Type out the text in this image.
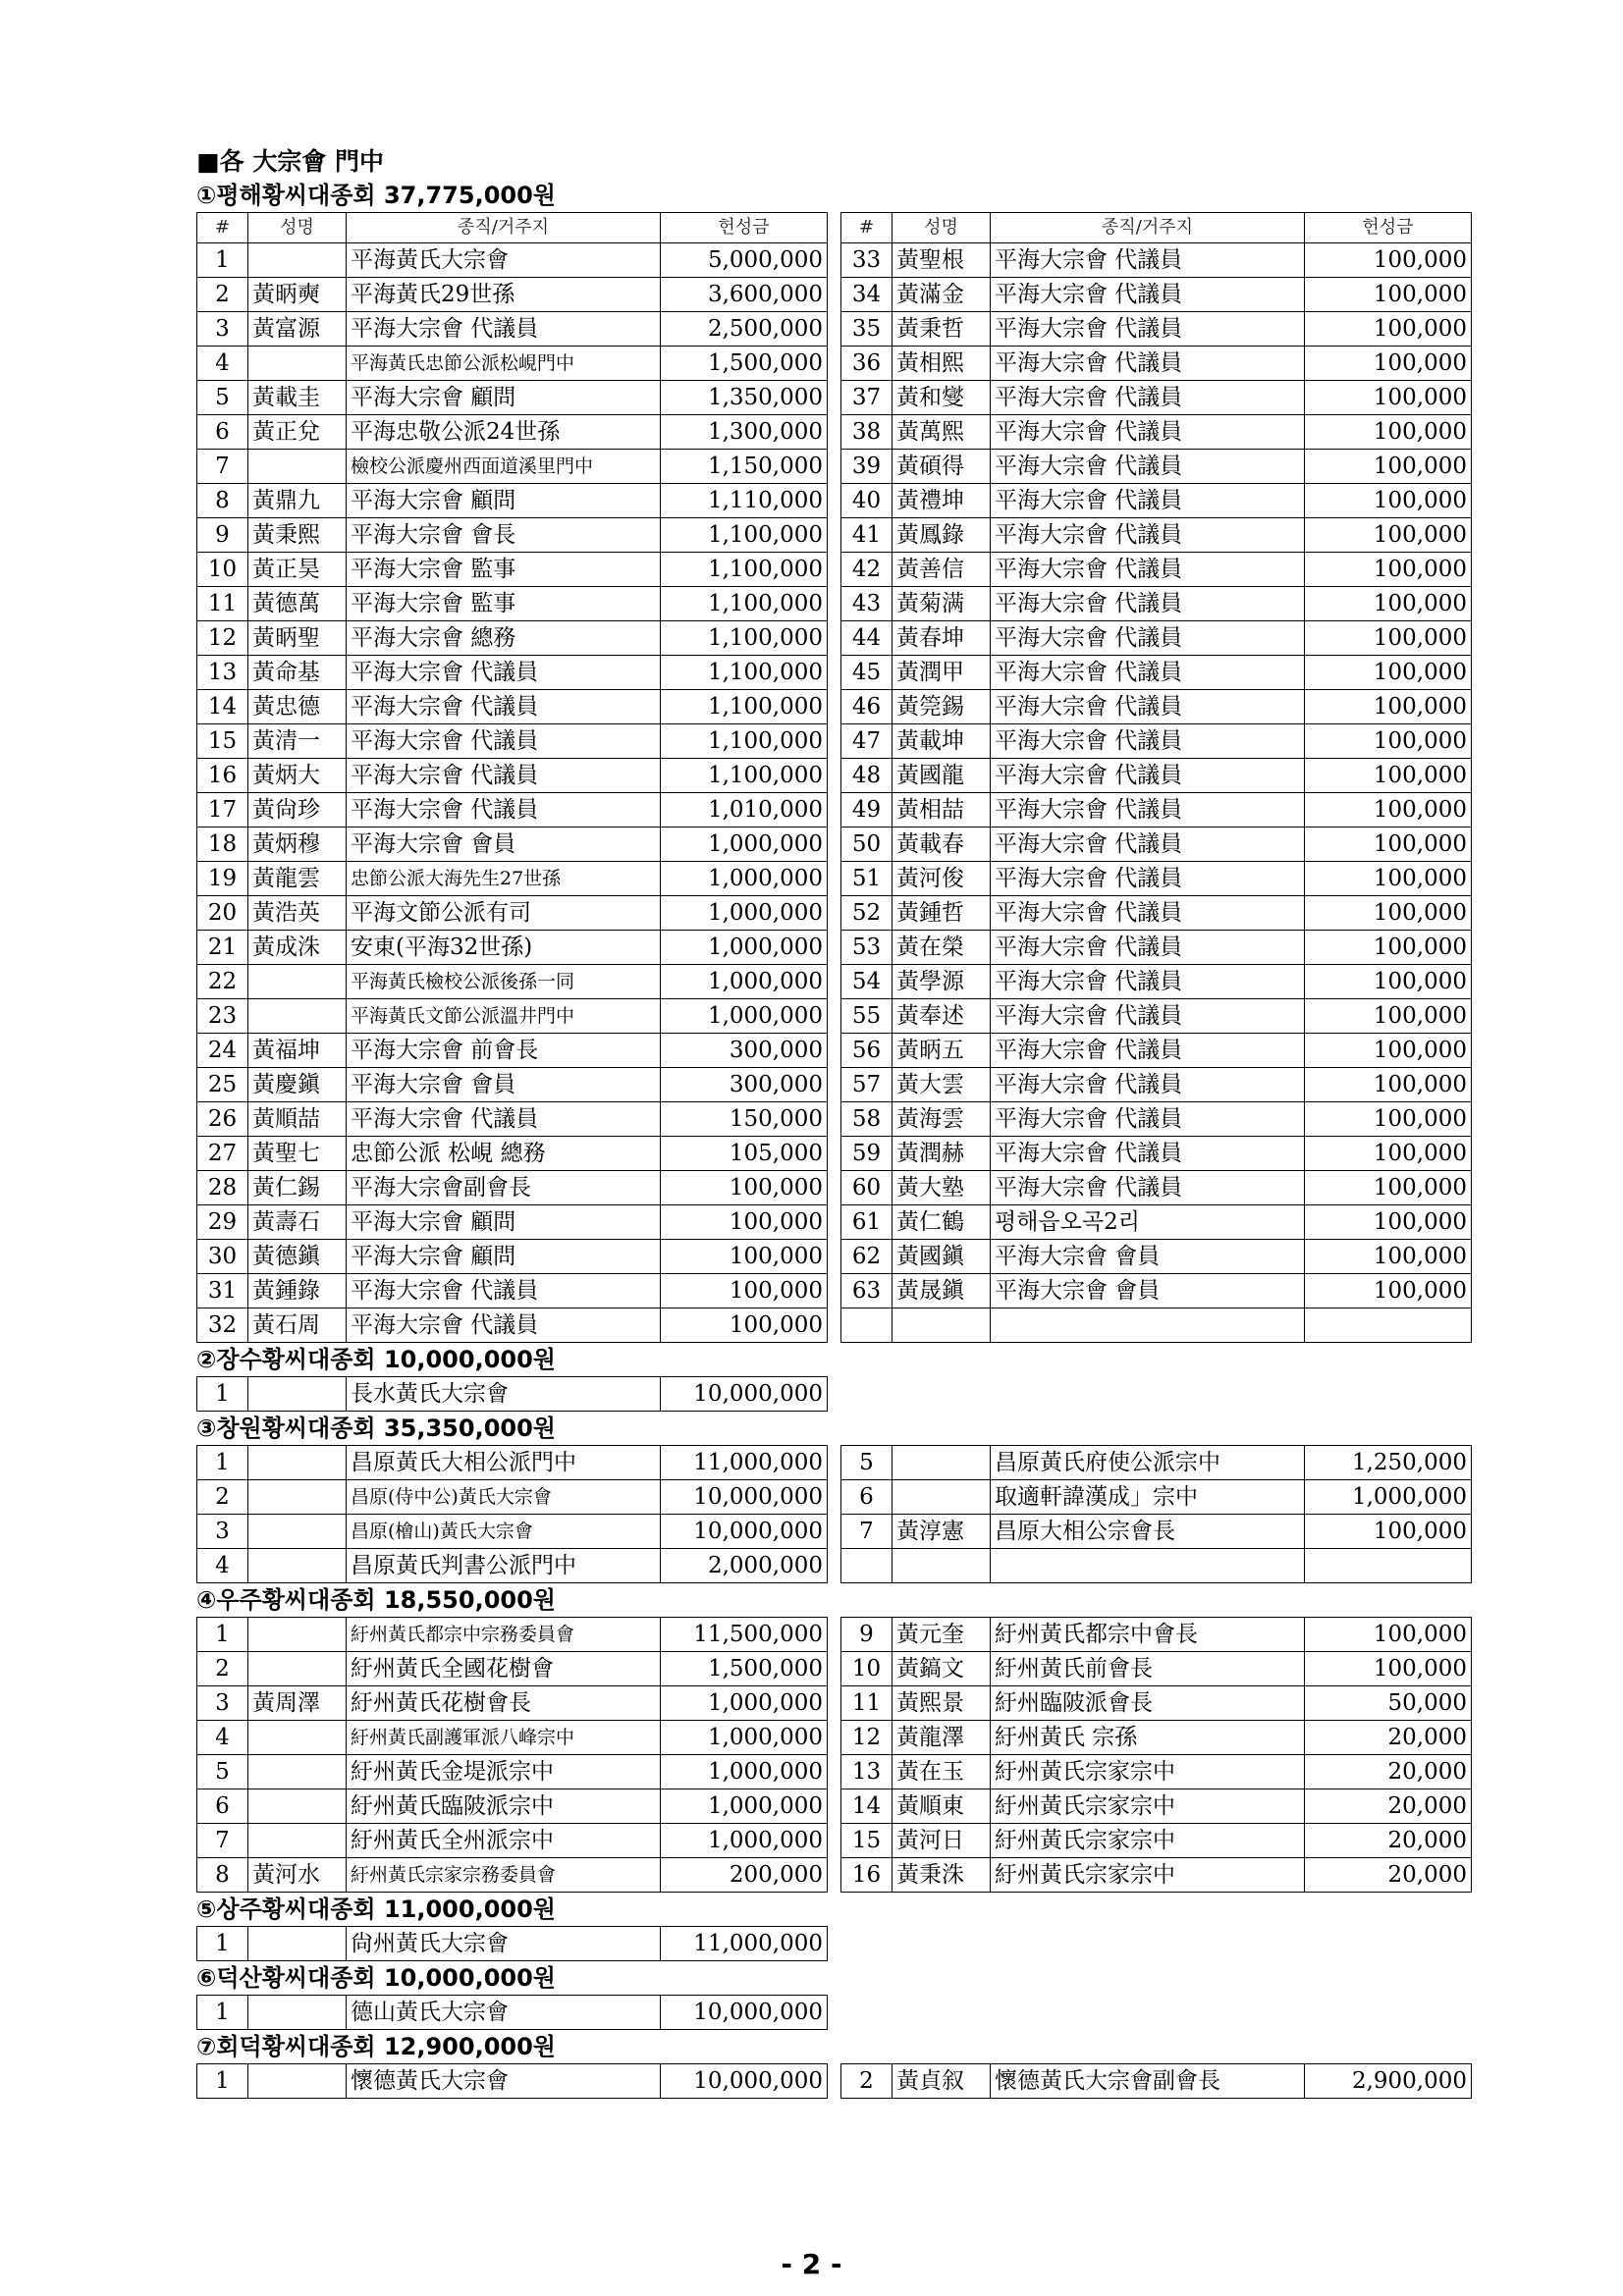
■各 大宗會 門中
①평해황씨대종회 37,775,000원
#	성명	종직/거주지	헌성금		#	성명	종직/거주지	헌성금
1		平海黃氏大宗會	5,000,000		33	黃聖根	平海大宗會 代議員	100,000
2	黃昞奭	平海黃氏29世孫	3,600,000		34	黃滿金	平海大宗會 代議員	100,000
3	黃富源	平海大宗會 代議員	2,500,000		35	黃秉哲	平海大宗會 代議員	100,000
4		平海黃氏忠節公派松峴門中	1,500,000		36	黃相熙	平海大宗會 代議員	100,000
5	黃載圭	平海大宗會 顧問	1,350,000		37	黃和燮	平海大宗會 代議員	100,000
6	黃正兌	平海忠敬公派24世孫	1,300,000		38	黃萬熙	平海大宗會 代議員	100,000
7		檢校公派慶州西面道溪里門中	1,150,000		39	黃碩得	平海大宗會 代議員	100,000
8	黃鼎九	平海大宗會 顧問	1,110,000		40	黃禮坤	平海大宗會 代議員	100,000
9	黃秉熙	平海大宗會 會長	1,100,000		41	黃鳳錄	平海大宗會 代議員	100,000
10	黃正昊	平海大宗會 監事	1,100,000		42	黃善信	平海大宗會 代議員	100,000
11	黃德萬	平海大宗會 監事	1,100,000		43	黃菊满	平海大宗會 代議員	100,000
12	黃昞聖	平海大宗會 總務	1,100,000		44	黃春坤	平海大宗會 代議員	100,000
13	黃命基	平海大宗會 代議員	1,100,000		45	黃潤甲	平海大宗會 代議員	100,000
14	黃忠德	平海大宗會 代議員	1,100,000		46	黃筦錫	平海大宗會 代議員	100,000
15	黃清一	平海大宗會 代議員	1,100,000		47	黃載坤	平海大宗會 代議員	100,000
16	黃炳大	平海大宗會 代議員	1,100,000		48	黃國龍	平海大宗會 代議員	100,000
17	黃尙珍	平海大宗會 代議員	1,010,000		49	黃相喆	平海大宗會 代議員	100,000
18	黃炳穆	平海大宗會 會員	1,000,000		50	黃載春	平海大宗會 代議員	100,000
19	黃龍雲	忠節公派大海先生27世孫	1,000,000		51	黃河俊	平海大宗會 代議員	100,000
20	黃浩英	平海文節公派有司	1,000,000		52	黃鍾哲	平海大宗會 代議員	100,000
21	黃成洙	安東(平海32世孫)	1,000,000		53	黃在榮	平海大宗會 代議員	100,000
22		平海黃氏檢校公派後孫一同	1,000,000		54	黃學源	平海大宗會 代議員	100,000
23		平海黃氏文節公派溫井門中	1,000,000		55	黃奉述	平海大宗會 代議員	100,000
24	黃福坤	平海大宗會 前會長	300,000		56	黃昞五	平海大宗會 代議員	100,000
25	黃慶鎭	平海大宗會 會員	300,000		57	黃大雲	平海大宗會 代議員	100,000
26	黃順喆	平海大宗會 代議員	150,000		58	黃海雲	平海大宗會 代議員	100,000
27	黃聖七	忠節公派 松峴 總務	105,000		59	黃潤赫	平海大宗會 代議員	100,000
28	黃仁錫	平海大宗會副會長	100,000		60	黃大塾	平海大宗會 代議員	100,000
29	黃壽石	平海大宗會 顧問	100,000		61	黃仁鶴	평해읍오곡2리	100,000
30	黃德鎭	平海大宗會 顧問	100,000		62	黃國鎭	平海大宗會 會員	100,000
31	黃鍾錄	平海大宗會 代議員	100,000		63	黃晟鎭	平海大宗會 會員	100,000
32	黃石周	平海大宗會 代議員	100,000					
②장수황씨대종회 10,000,000원
1		長水黃氏大宗會	10,000,000
③창원황씨대종회 35,350,000원
1		昌原黃氏大相公派門中	11,000,000		5		昌原黃氏府使公派宗中	1,250,000
2		昌原(侍中公)黃氏大宗會	10,000,000		6		取適軒諱漢成」宗中	1,000,000
3		昌原(檜山)黃氏大宗會	10,000,000		7	黃淳憲	昌原大相公宗會長	100,000
4		昌原黃氏判書公派門中	2,000,000					
④우주황씨대종회 18,550,000원
1		紆州黃氏都宗中宗務委員會	11,500,000		9	黃元奎	紆州黃氏都宗中會長	100,000
2		紆州黃氏全國花樹會	1,500,000		10	黃鎬文	紆州黃氏前會長	100,000
3	黃周澤	紆州黃氏花樹會長	1,000,000		11	黃熙景	紆州臨陂派會長	50,000
4		紆州黃氏副護軍派八峰宗中	1,000,000		12	黃龍澤	紆州黃氏 宗孫	20,000
5		紆州黃氏金堤派宗中	1,000,000		13	黃在玉	紆州黃氏宗家宗中	20,000
6		紆州黃氏臨陂派宗中	1,000,000		14	黃順東	紆州黃氏宗家宗中	20,000
7		紆州黃氏全州派宗中	1,000,000		15	黃河日	紆州黃氏宗家宗中	20,000
8	黃河水	紆州黃氏宗家宗務委員會	200,000		16	黃秉洙	紆州黃氏宗家宗中	20,000
⑤상주황씨대종회 11,000,000원
1		尙州黃氏大宗會	11,000,000
⑥덕산황씨대종회 10,000,000원
1		德山黃氏大宗會	10,000,000
⑦회덕황씨대종회 12,900,000원
1		懷德黃氏大宗會	10,000,000		2	黃貞叙	懷德黃氏大宗會副會長	2,900,000
- 2 -
